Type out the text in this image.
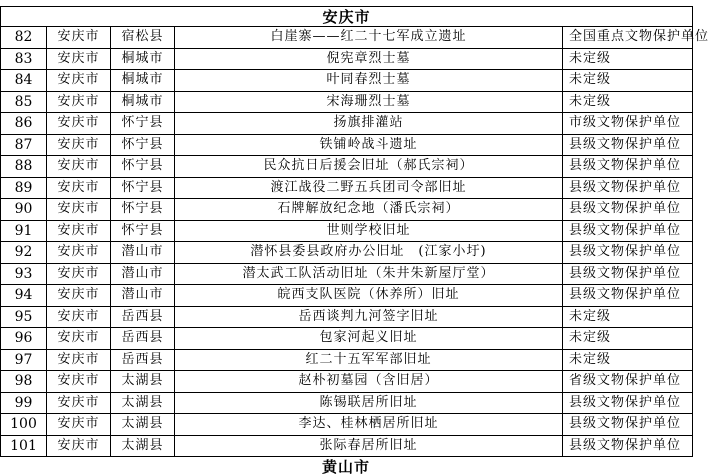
安庆市				
82	安庆市	宿松县	白崖寨——红二十七军成立遗址	全国重点文物保护单位
83	安庆市	桐城市	倪宪章烈士墓	未定级
84	安庆市	桐城市	叶同春烈士墓	未定级
85	安庆市	桐城市	宋海珊烈士墓	未定级
86	安庆市	怀宁县	扬旗排灌站	市级文物保护单位
87	安庆市	怀宁县	铁铺岭战斗遗址	县级文物保护单位
88	安庆市	怀宁县	民众抗日后援会旧址（郝氏宗祠）	县级文物保护单位
89	安庆市	怀宁县	渡江战役二野五兵团司令部旧址	县级文物保护单位
90	安庆市	怀宁县	石牌解放纪念地（潘氏宗祠）	县级文物保护单位
91	安庆市	怀宁县	世则学校旧址	县级文物保护单位
92	安庆市	潜山市	潜怀县委县政府办公旧址　(江家小圩)	县级文物保护单位
93	安庆市	潜山市	潜太武工队活动旧址（朱井朱新屋厅堂）	县级文物保护单位
94	安庆市	潜山市	皖西支队医院（休养所）旧址	县级文物保护单位
95	安庆市	岳西县	岳西谈判九河签字旧址	未定级
96	安庆市	岳西县	包家河起义旧址	未定级
97	安庆市	岳西县	红二十五军军部旧址	未定级
98	安庆市	太湖县	赵朴初墓园（含旧居）	省级文物保护单位
99	安庆市	太湖县	陈锡联居所旧址	县级文物保护单位
100	安庆市	太湖县	李达、桂林栖居所旧址	县级文物保护单位
101	安庆市	太湖县	张际春居所旧址	县级文物保护单位
黄山市
